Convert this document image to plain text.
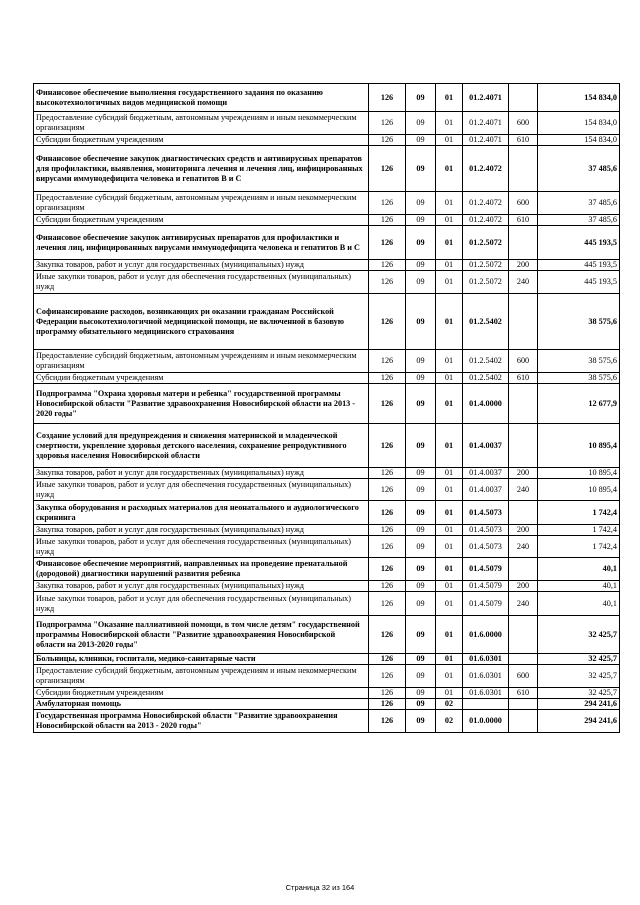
Финансовое обеспечение выполнения государственного задания по оказанию высокотехнологичных видов медицинской помощи	126	09	01	01.2.4071		154 834,0
Предоставление субсидий бюджетным, автономным учреждениям и иным некоммерческим организациям	126	09	01	01.2.4071	600	154 834,0
Субсидии бюджетным учреждениям	126	09	01	01.2.4071	610	154 834,0
Финансовое обеспечение закупок диагностических средств и антивирусных препаратов для профилактики, выявления, мониторинга лечения и лечения лиц, инфицированных вирусами иммунодефицита человека и гепатитов В и С	126	09	01	01.2.4072		37 485,6
Предоставление субсидий бюджетным, автономным учреждениям и иным некоммерческим организациям	126	09	01	01.2.4072	600	37 485,6
Субсидии бюджетным учреждениям	126	09	01	01.2.4072	610	37 485,6
Финансовое обеспечение закупок антивирусных препаратов для профилактики и лечения лиц, инфицированных вирусами иммунодефицита человека и гепатитов В и С	126	09	01	01.2.5072		445 193,5
Закупка товаров, работ и услуг для государственных (муниципальных) нужд	126	09	01	01.2.5072	200	445 193,5
Иные закупки товаров, работ и услуг для обеспечения государственных (муниципальных) нужд	126	09	01	01.2.5072	240	445 193,5
Софинансирование расходов, возникающих ри оказании гражданам Российской Федерации высокотехнологичной медицинской помощи, не включенной в базовую программу обязательного медицинского страхования	126	09	01	01.2.5402		38 575,6
Предоставление субсидий бюджетным, автономным учреждениям и иным некоммерческим организациям	126	09	01	01.2.5402	600	38 575,6
Субсидии бюджетным учреждениям	126	09	01	01.2.5402	610	38 575,6
Подпрограмма "Охрана здоровья матери и ребенка" государственной программы Новосибирской области "Развитие здравоохранения Новосибирской области на 2013 - 2020 годы"	126	09	01	01.4.0000		12 677,9
Создание условий для предупреждения и снижения материнской и младенческой смертности, укрепление здоровья детского населения, сохранение репродуктивного здоровья населения Новосибирской области	126	09	01	01.4.0037		10 895,4
Закупка товаров, работ и услуг для государственных (муниципальных) нужд	126	09	01	01.4.0037	200	10 895,4
Иные закупки товаров, работ и услуг для обеспечения государственных (муниципальных) нужд	126	09	01	01.4.0037	240	10 895,4
Закупка оборудования и расходных материалов для неонатального и аудиологического скрининга	126	09	01	01.4.5073		1 742,4
Закупка товаров, работ и услуг для государственных (муниципальных) нужд	126	09	01	01.4.5073	200	1 742,4
Иные закупки товаров, работ и услуг для обеспечения государственных (муниципальных) нужд	126	09	01	01.4.5073	240	1 742,4
Финансовое обеспечение мероприятий, направленных на проведение пренатальной (дородовой) диагностики нарушений развития ребенка	126	09	01	01.4.5079		40,1
Закупка товаров, работ и услуг для государственных (муниципальных) нужд	126	09	01	01.4.5079	200	40,1
Иные закупки товаров, работ и услуг для обеспечения государственных (муниципальных) нужд	126	09	01	01.4.5079	240	40,1
Подпрограмма "Оказание паллиативной помощи, в том числе детям" государственной программы Новосибирской области "Развитие здравоохранения Новосибирской области на 2013-2020 годы"	126	09	01	01.6.0000		32 425,7
Больницы, клиники, госпитали, медико-санитарные части	126	09	01	01.6.0301		32 425,7
Предоставление субсидий бюджетным, автономным учреждениям и иным некоммерческим организациям	126	09	01	01.6.0301	600	32 425,7
Субсидии бюджетным учреждениям	126	09	01	01.6.0301	610	32 425,7
Амбулаторная помощь	126	09	02			294 241,6
Государственная программа Новосибирской области "Развитие здравоохранения Новосибирской области на 2013 - 2020 годы"	126	09	02	01.0.0000		294 241,6
Страница 32 из 164
